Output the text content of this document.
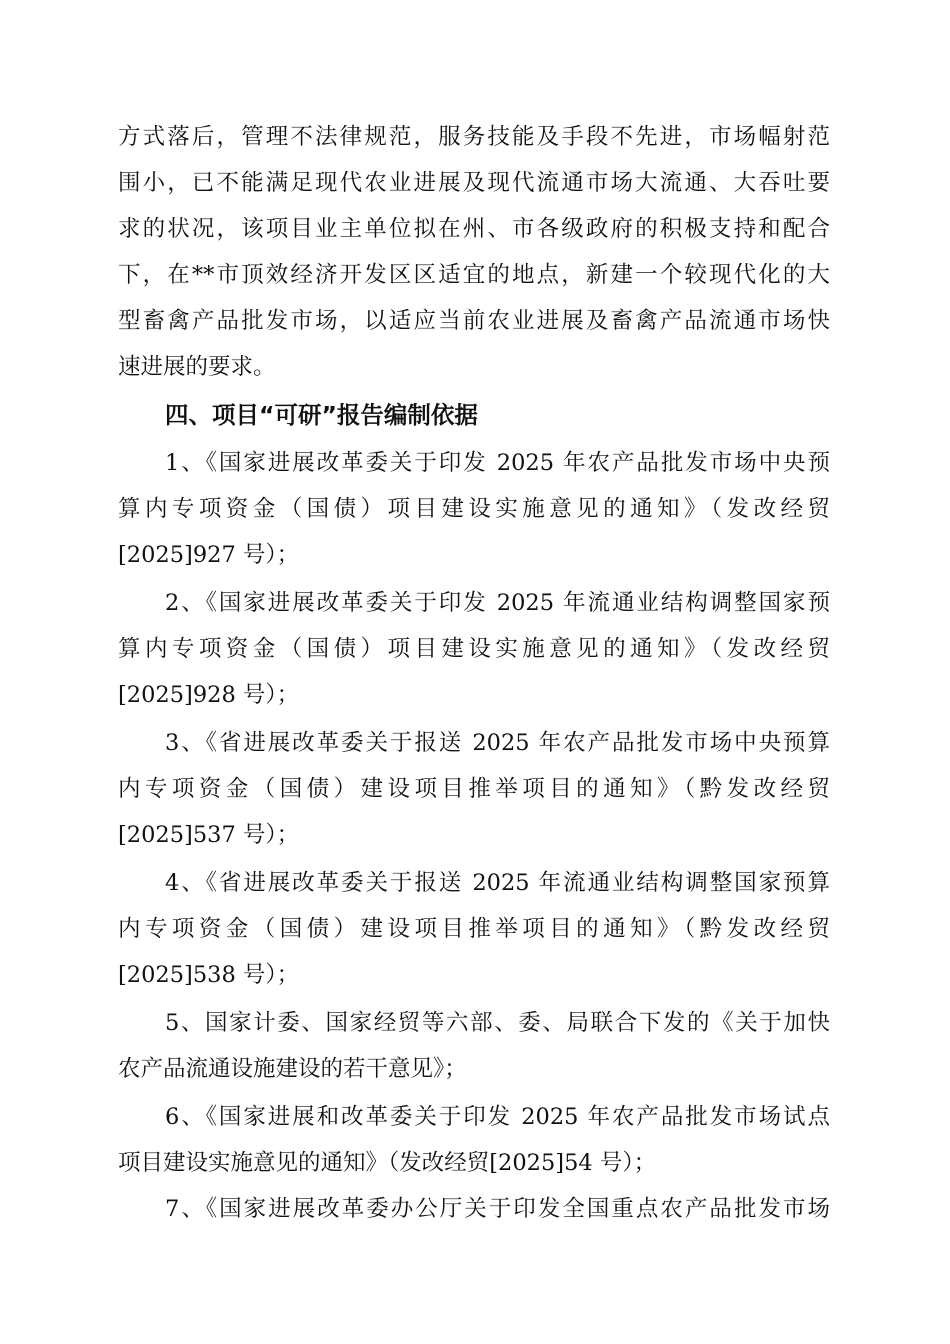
方式落后，管理不法律规范，服务技能及手段不先进，市场幅射范
围小，已不能满足现代农业进展及现代流通市场大流通、大吞吐要
求的状况，该项目业主单位拟在州、市各级政府的积极支持和配合
下，在**市顶效经济开发区区适宜的地点，新建一个较现代化的大
型畜禽产品批发市场，以适应当前农业进展及畜禽产品流通市场快
速进展的要求。
四、项目“可研”报告编制依据
1、《国家进展改革委关于印发 2025 年农产品批发市场中央预
算内专项资金（国债）项目建设实施意见的通知》（发改经贸
[2025]927 号）；
2、《国家进展改革委关于印发 2025 年流通业结构调整国家预
算内专项资金（国债）项目建设实施意见的通知》（发改经贸
[2025]928 号）；
3、《省进展改革委关于报送 2025 年农产品批发市场中央预算
内专项资金（国债）建设项目推举项目的通知》（黔发改经贸
[2025]537 号）；
4、《省进展改革委关于报送 2025 年流通业结构调整国家预算
内专项资金（国债）建设项目推举项目的通知》（黔发改经贸
[2025]538 号）；
5、国家计委、国家经贸等六部、委、局联合下发的《关于加快
农产品流通设施建设的若干意见》；
6、《国家进展和改革委关于印发 2025 年农产品批发市场试点
项目建设实施意见的通知》（发改经贸[2025]54 号）；
7、《国家进展改革委办公厅关于印发全国重点农产品批发市场
